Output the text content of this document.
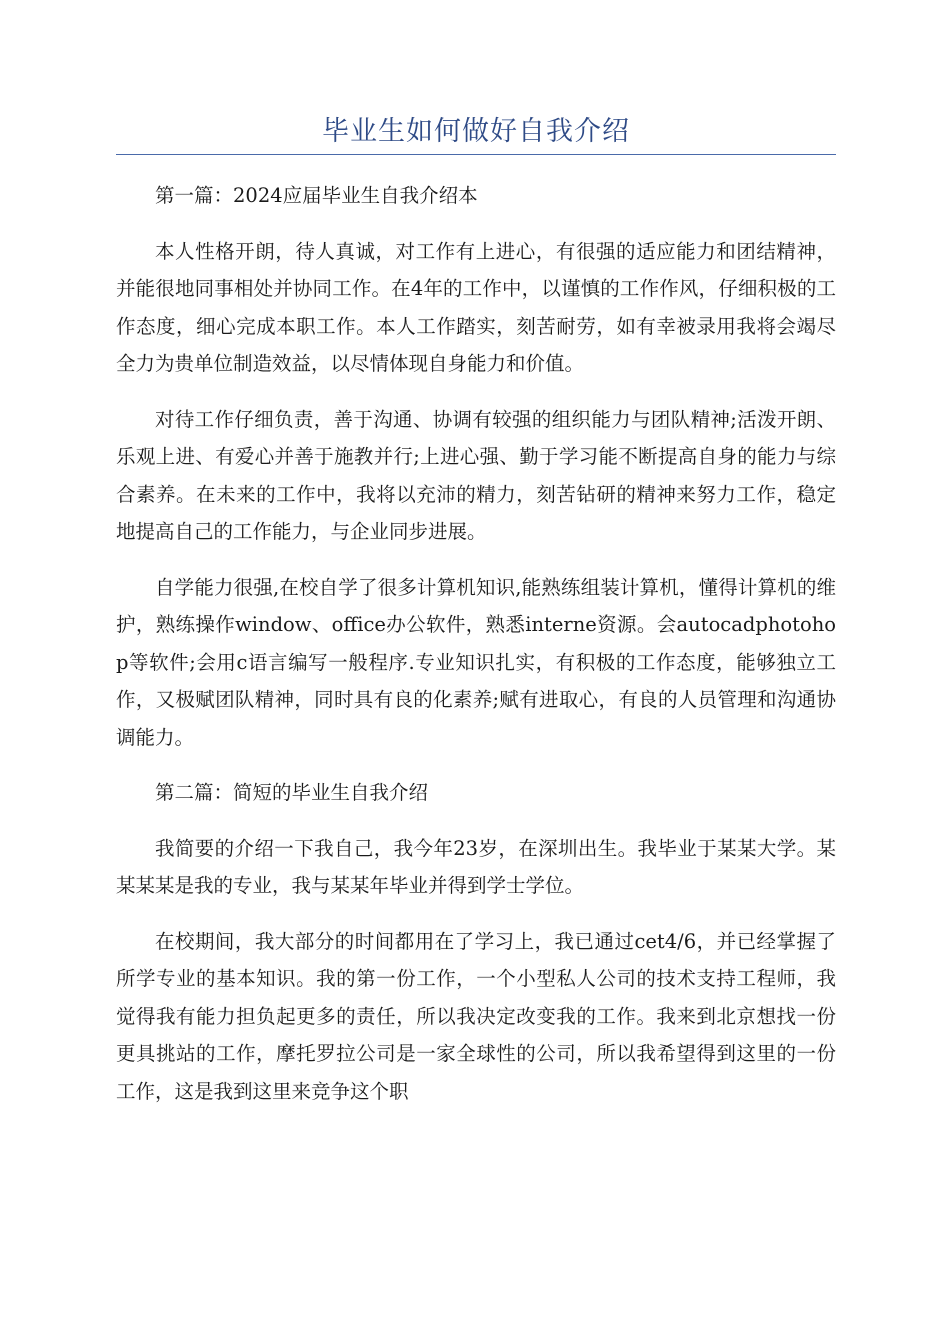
毕业生如何做好自我介绍

第一篇：2024应届毕业生自我介绍本

本人性格开朗，待人真诚，对工作有上进心，有很强的适应能力和团结精神，并能很地同事相处并协同工作。在4年的工作中，以谨慎的工作作风，仔细积极的工作态度，细心完成本职工作。本人工作踏实，刻苦耐劳，如有幸被录用我将会竭尽全力为贵单位制造效益，以尽情体现自身能力和价值。

对待工作仔细负责，善于沟通、协调有较强的组织能力与团队精神;活泼开朗、乐观上进、有爱心并善于施教并行;上进心强、勤于学习能不断提高自身的能力与综合素养。在未来的工作中，我将以充沛的精力，刻苦钻研的精神来努力工作，稳定地提高自己的工作能力，与企业同步进展。

自学能力很强,在校自学了很多计算机知识,能熟练组装计算机，懂得计算机的维护，熟练操作window、office办公软件，熟悉interne资源。会autocadphotohop等软件;会用c语言编写一般程序.专业知识扎实，有积极的工作态度，能够独立工作，又极赋团队精神，同时具有良的化素养;赋有进取心，有良的人员管理和沟通协调能力。

第二篇：简短的毕业生自我介绍

我简要的介绍一下我自己，我今年23岁，在深圳出生。我毕业于某某大学。某某某某是我的专业，我与某某年毕业并得到学士学位。

在校期间，我大部分的时间都用在了学习上，我已通过cet4/6，并已经掌握了所学专业的基本知识。我的第一份工作，一个小型私人公司的技术支持工程师，我觉得我有能力担负起更多的责任，所以我决定改变我的工作。我来到北京想找一份更具挑站的工作，摩托罗拉公司是一家全球性的公司，所以我希望得到这里的一份工作，这是我到这里来竞争这个职
